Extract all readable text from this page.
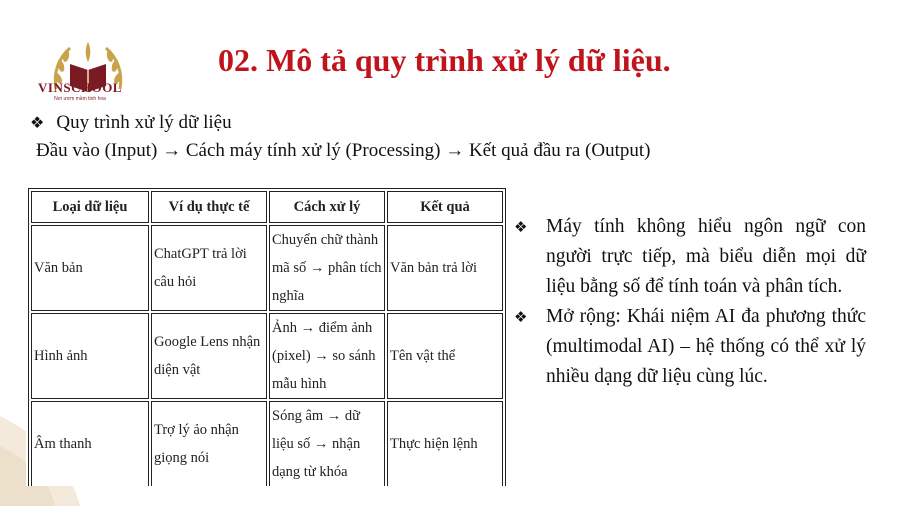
VINSCHOOL
Nơi ươm mầm tinh hoa
02. Mô tả quy trình xử lý dữ liệu.
❖ Quy trình xử lý dữ liệu
Đầu vào (Input) → Cách máy tính xử lý (Processing) → Kết quả đầu ra (Output)
Loại dữ liệu	Ví dụ thực tế	Cách xử lý	Kết quả
Văn bản	ChatGPT trả lời câu hỏi	Chuyển chữ thành mã số → phân tích nghĩa	Văn bản trả lời
Hình ảnh	Google Lens nhận diện vật	Ảnh → điểm ảnh (pixel) → so sánh mẫu hình	Tên vật thể
Âm thanh	Trợ lý ảo nhận giọng nói	Sóng âm → dữ liệu số → nhận dạng từ khóa	Thực hiện lệnh

❖ Máy tính không hiểu ngôn ngữ con người trực tiếp, mà biểu diễn mọi dữ liệu bằng số để tính toán và phân tích.

❖ Mở rộng: Khái niệm AI đa phương thức (multimodal AI) – hệ thống có thể xử lý nhiều dạng dữ liệu cùng lúc.
